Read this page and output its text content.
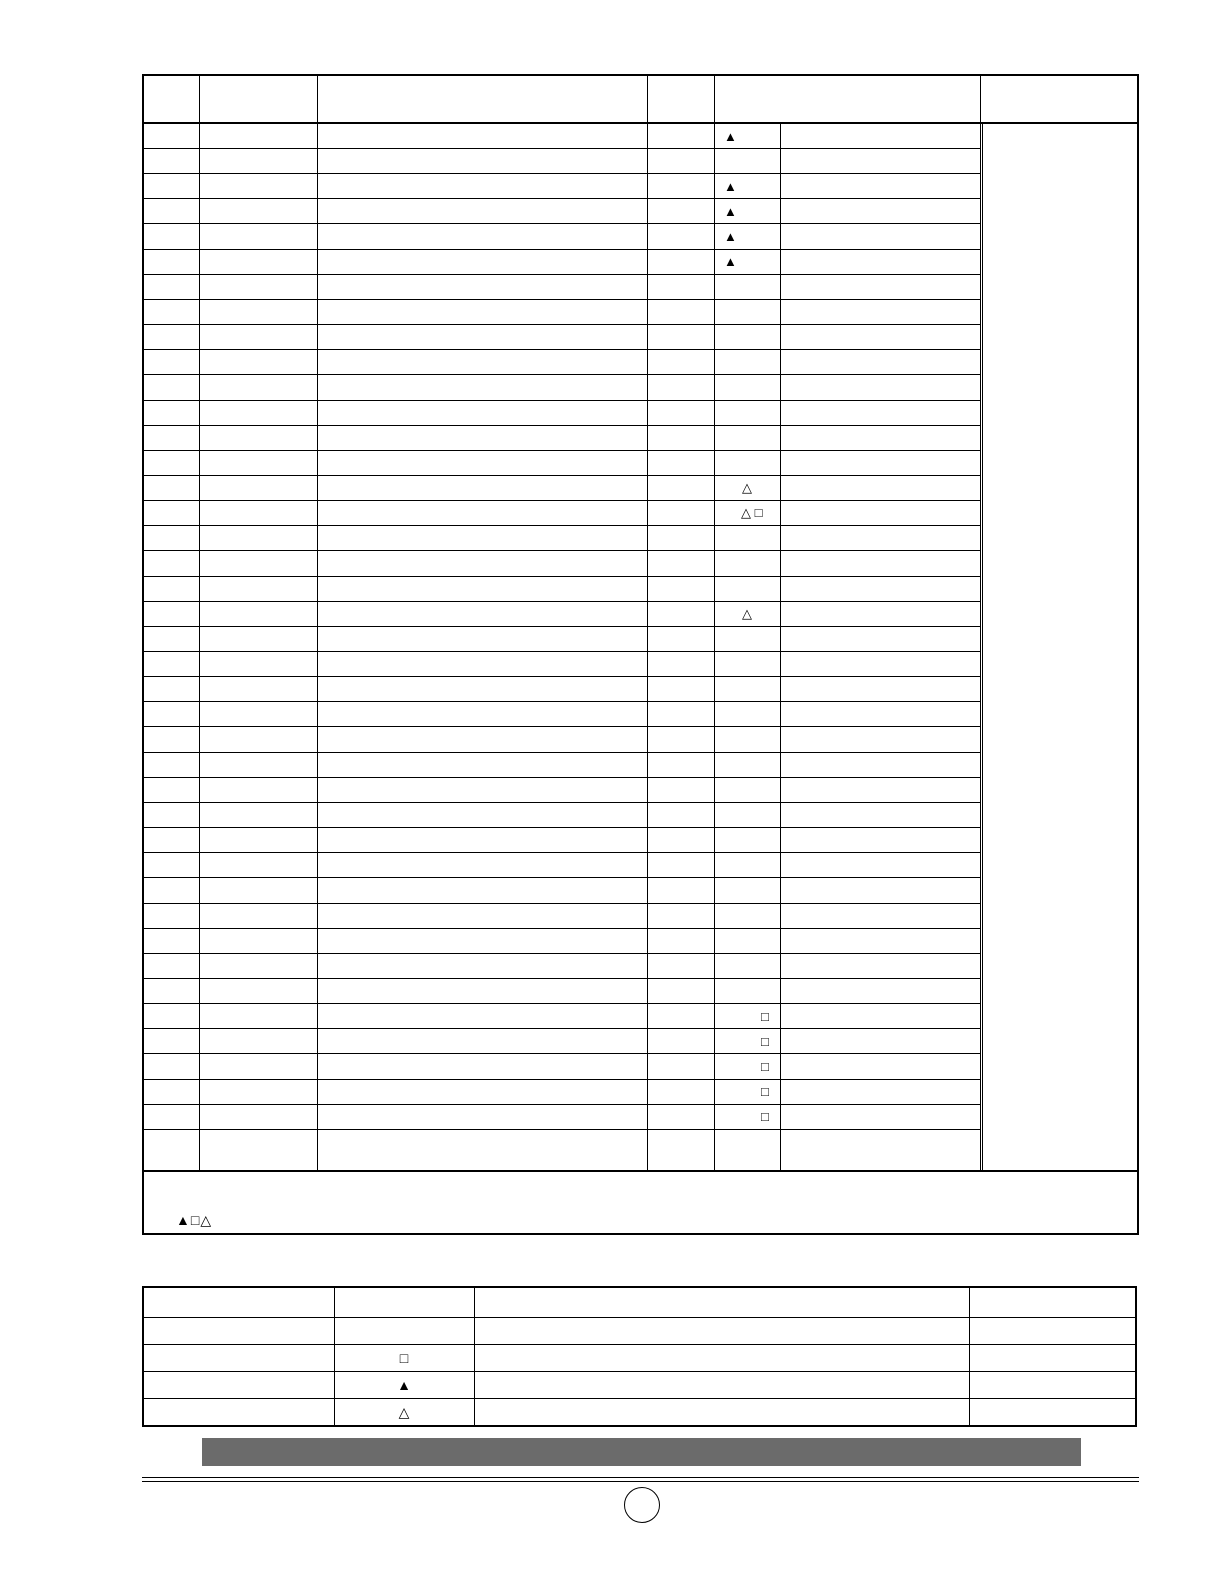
▲
▲
▲
▲
▲
△
△ □
△
□
□
□
□
□
▲□△
□
▲
△
